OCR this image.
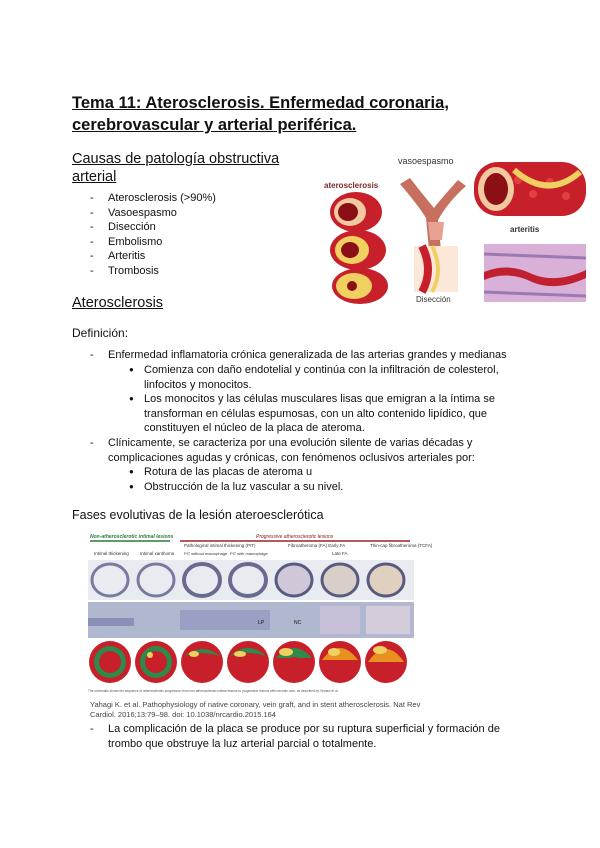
Tema 11: Aterosclerosis. Enfermedad coronaria,
cerebrovascular y arterial periférica.
Causas de patología obstructiva
arterial
- Aterosclerosis (>90%)
- Vasoespasmo
- Disección
- Embolismo
- Arteritis
- Trombosis
aterosclerosis
vasoespasmo
arteritis
Disección
Aterosclerosis
Definición:
- Enfermedad inflamatoria crónica generalizada de las arterias grandes y medianas
● Comienza con daño endotelial y continúa con la infiltración de colesterol,
linfocitos y monocitos.
● Los monocitos y las células musculares lisas que emigran a la íntima se
transforman en células espumosas, con un alto contenido lipídico, que
constituyen el núcleo de la placa de ateroma.
- Clínicamente, se caracteriza por una evolución silente de varias décadas y
complicaciones agudas y crónicas, con fenómenos oclusivos arteriales por:
● Rotura de las placas de ateroma u
● Obstrucción de la luz vascular a su nivel.
Fases evolutivas de la lesión ateroesclerótica
Non-atherosclerotic intimal lesions	Progressive atherosclerotic lesions
Pathological intimal thickening (PIT)
Intimal thickening Intimal xanthoma PIT without macrophage PIT with macrophage
Fibroatheroma (FA) Early FA
Late FA
Thin-cap fibroatheroma (TCFA)
LP	NC
The schematic shows the sequence of atherosclerotic progression from non-atherosclerotic intimal lesions to progressive lesions with necrotic core, as described by Virmani et al.
Yahagi K. et al. Pathophysiology of native coronary, vein graft, and in stent atherosclerosis. Nat Rev
Cardiol. 2016;13:79–98. doi: 10.1038/nrcardio.2015.164
- La complicación de la placa se produce por su ruptura superficial y formación de
trombo que obstruye la luz arterial parcial o totalmente.
